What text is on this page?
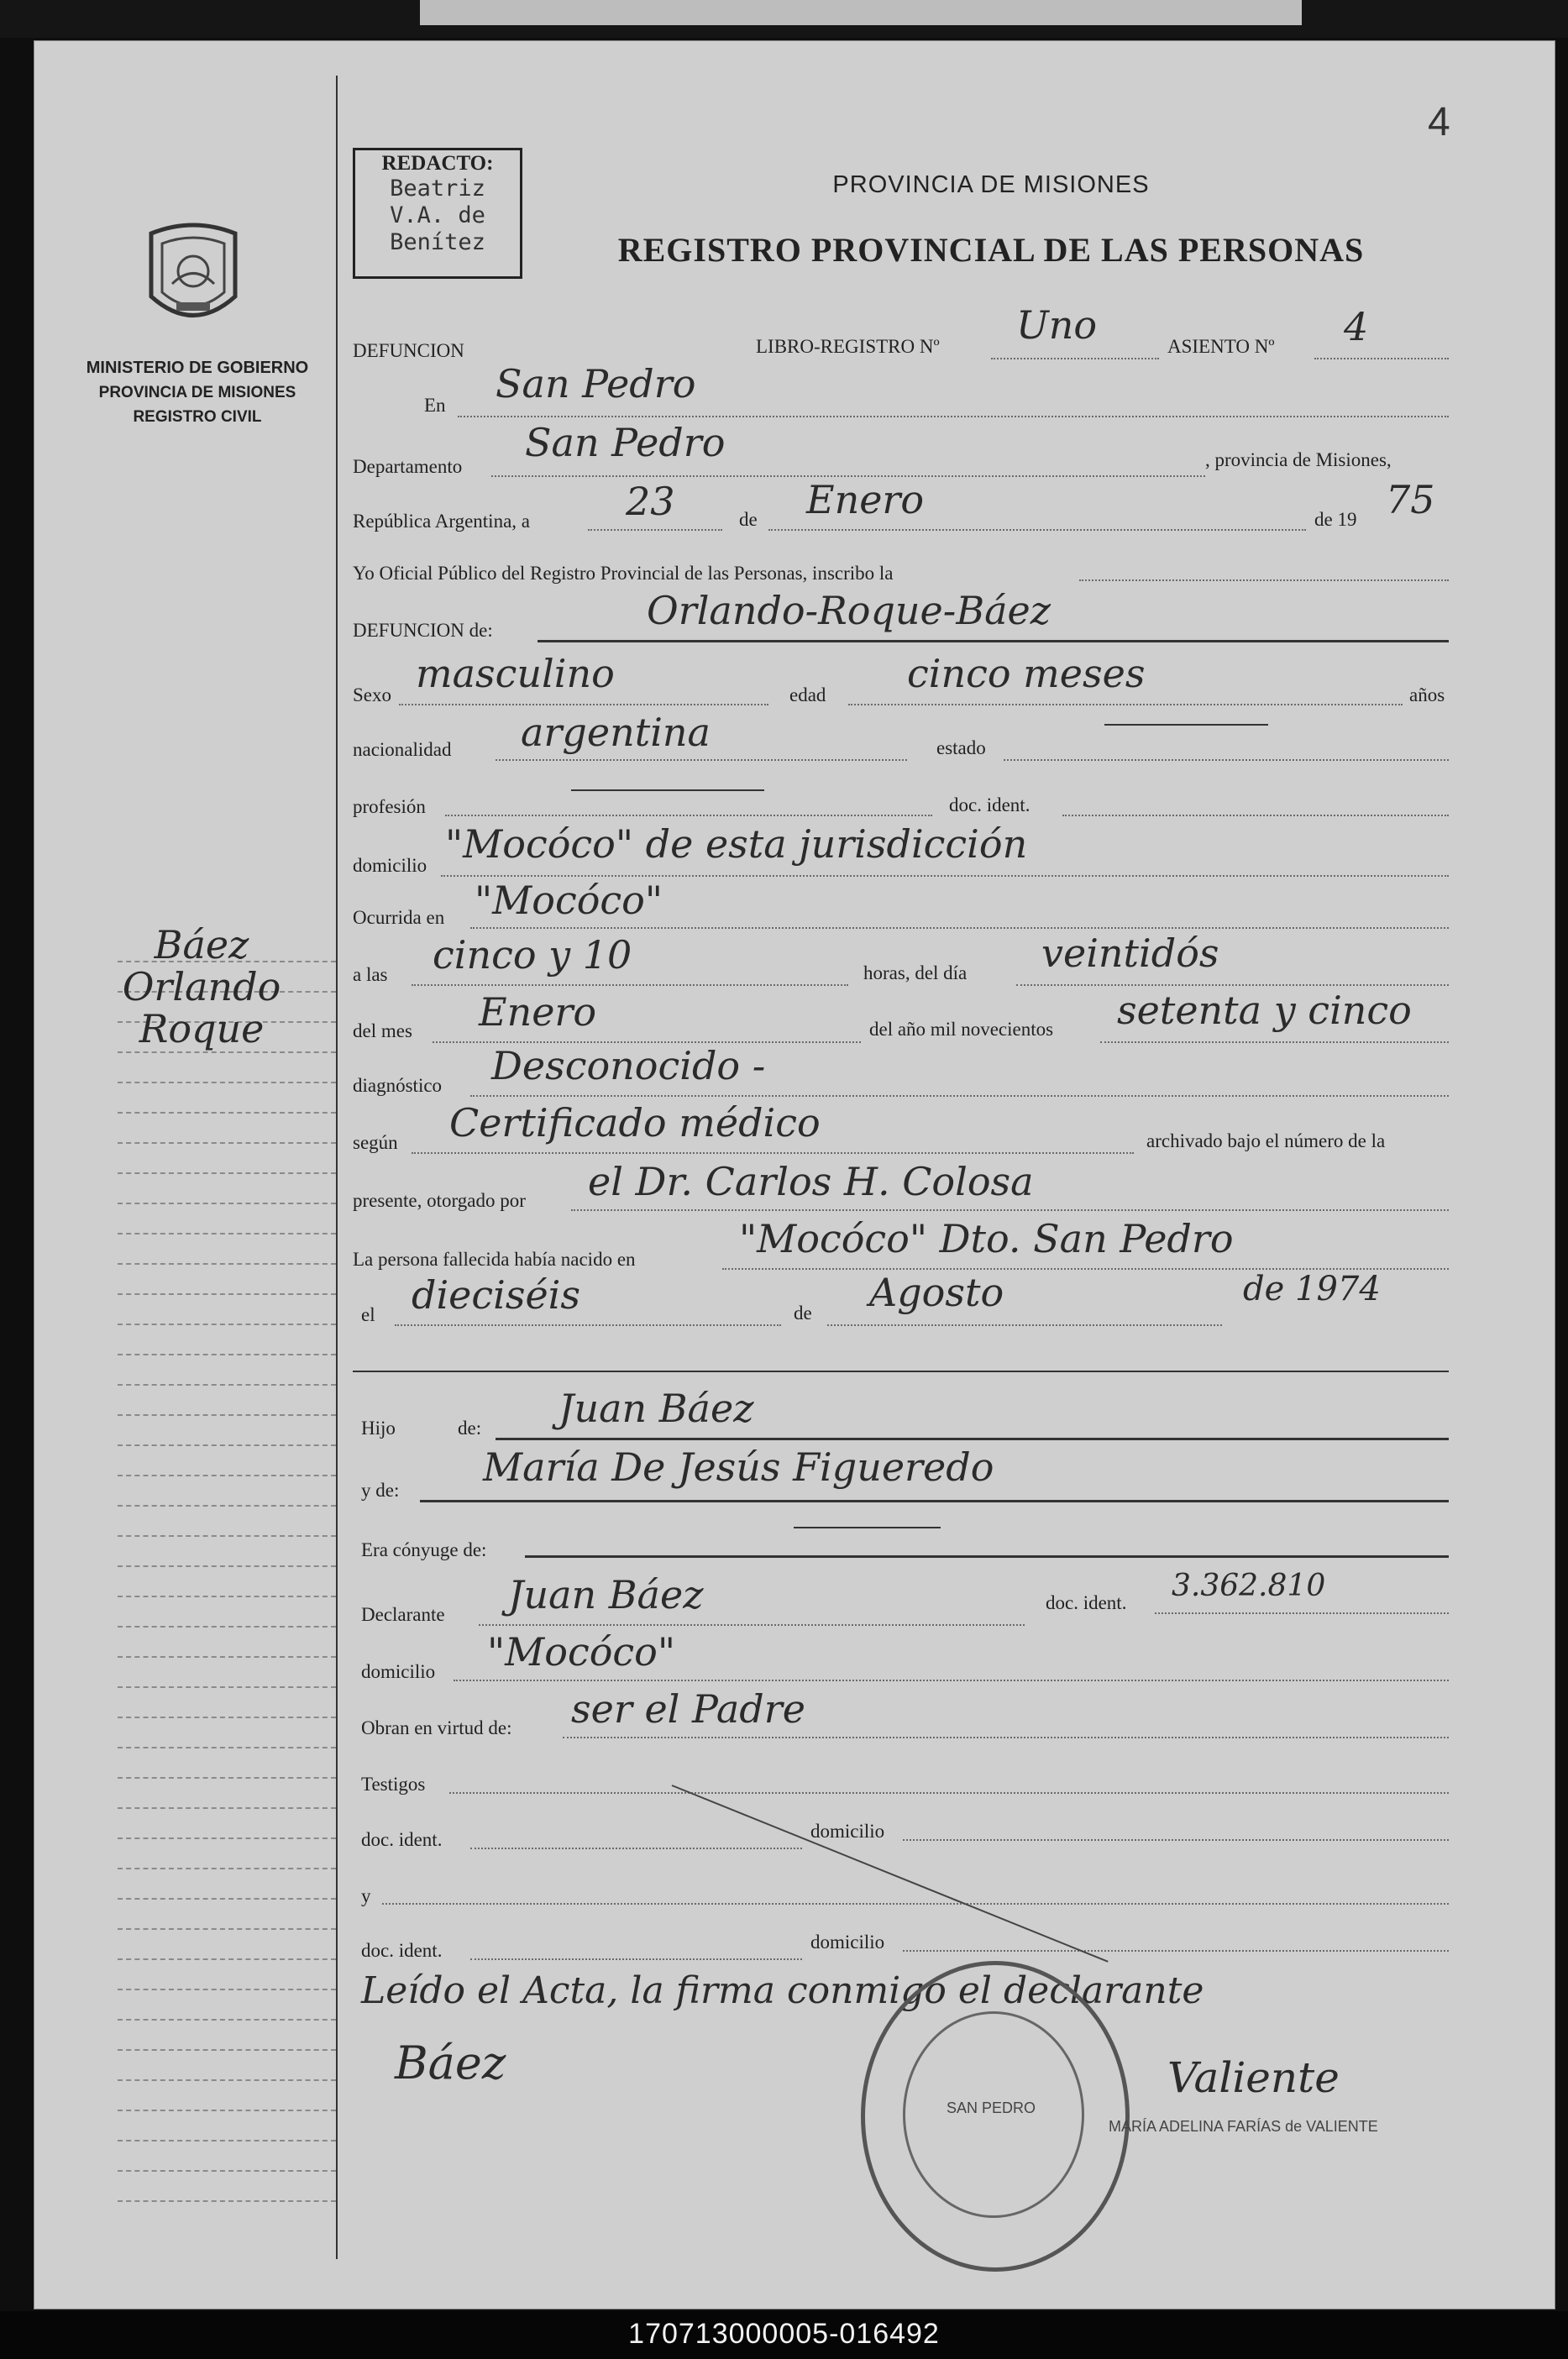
4
MINISTERIO DE GOBIERNO
PROVINCIA DE MISIONES
REGISTRO CIVIL
Báez
Orlando
Roque
REDACTO:
Beatriz
V.A. de
Benítez
PROVINCIA DE MISIONES
REGISTRO PROVINCIAL DE LAS PERSONAS
DEFUNCION	LIBRO-REGISTRO Nº Uno	ASIENTO Nº 4
En San Pedro
Departamento
San Pedro	, provincia de Misiones,
República Argentina, a 23	de Enero	de 19 75
Yo Oficial Público del Registro Provincial de las Personas, inscribo la
DEFUNCION de:	Orlando-Roque-Báez
Sexo masculino	edad cinco meses	años
nacionalidad argentina	estado
profesión	doc. ident.
domicilio "Mocóco" de esta jurisdicción
Ocurrida en "Mocóco"
a las cinco y 10	horas, del día veintidós
del mes Enero	del año mil novecientos setenta y cinco
diagnóstico Desconocido -
según Certificado médico	archivado bajo el número de la
presente, otorgado por el Dr. Carlos H. Colosa
La persona fallecida había nacido en	"Mocóco" Dto. San Pedro
el dieciséis	de Agosto	de 1974
Hijo	de: Juan Báez
y de:
María De Jesús Figueredo
Era cónyuge de:
Declarante Juan Báez	doc. ident. 3.362.810
domicilio "Mocóco"
Obran en virtud de: ser el Padre
Testigos
doc. ident.	domicilio
y
doc. ident.	domicilio
Leído el Acta, la firma conmigo el declarante
Báez
SAN PEDRO
Valiente
MARÍA ADELINA FARÍAS de VALIENTE
170713000005-016492
